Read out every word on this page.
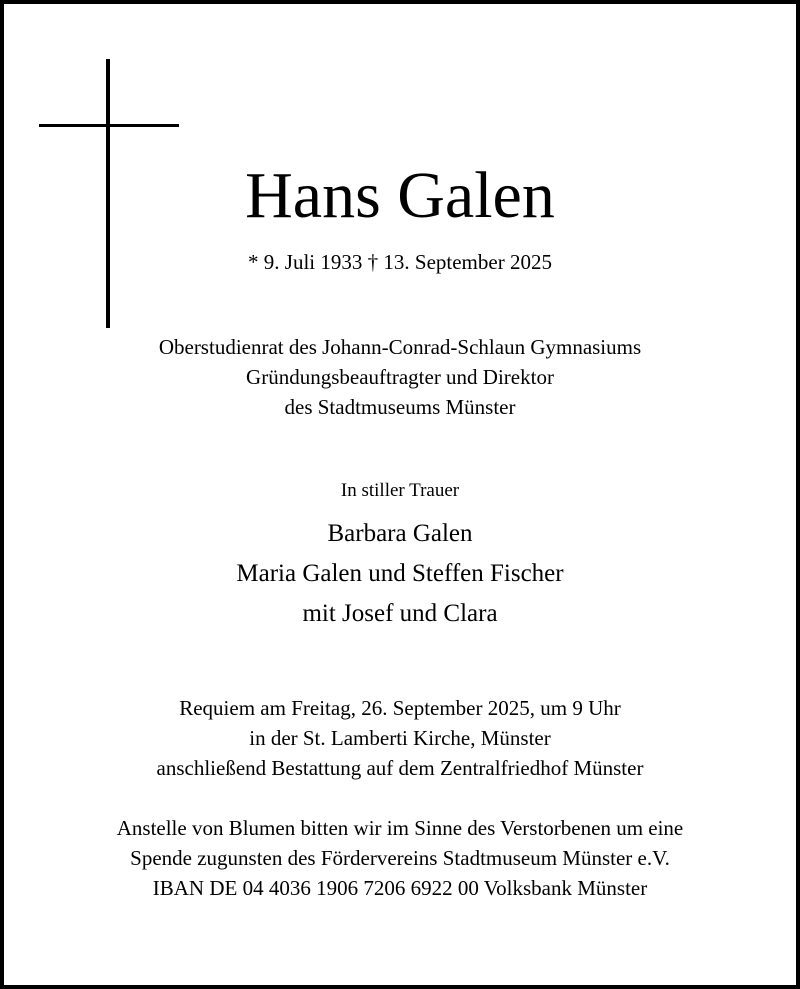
Hans Galen
* 9. Juli 1933 † 13. September 2025
Oberstudienrat des Johann-Conrad-Schlaun Gymnasiums
Gründungsbeauftragter und Direktor
des Stadtmuseums Münster
In stiller Trauer
Barbara Galen
Maria Galen und Steffen Fischer
mit Josef und Clara
Requiem am Freitag, 26. September 2025, um 9 Uhr
in der St. Lamberti Kirche, Münster
anschließend Bestattung auf dem Zentralfriedhof Münster
Anstelle von Blumen bitten wir im Sinne des Verstorbenen um eine
Spende zugunsten des Fördervereins Stadtmuseum Münster e.V.
IBAN DE 04 4036 1906 7206 6922 00 Volksbank Münster
